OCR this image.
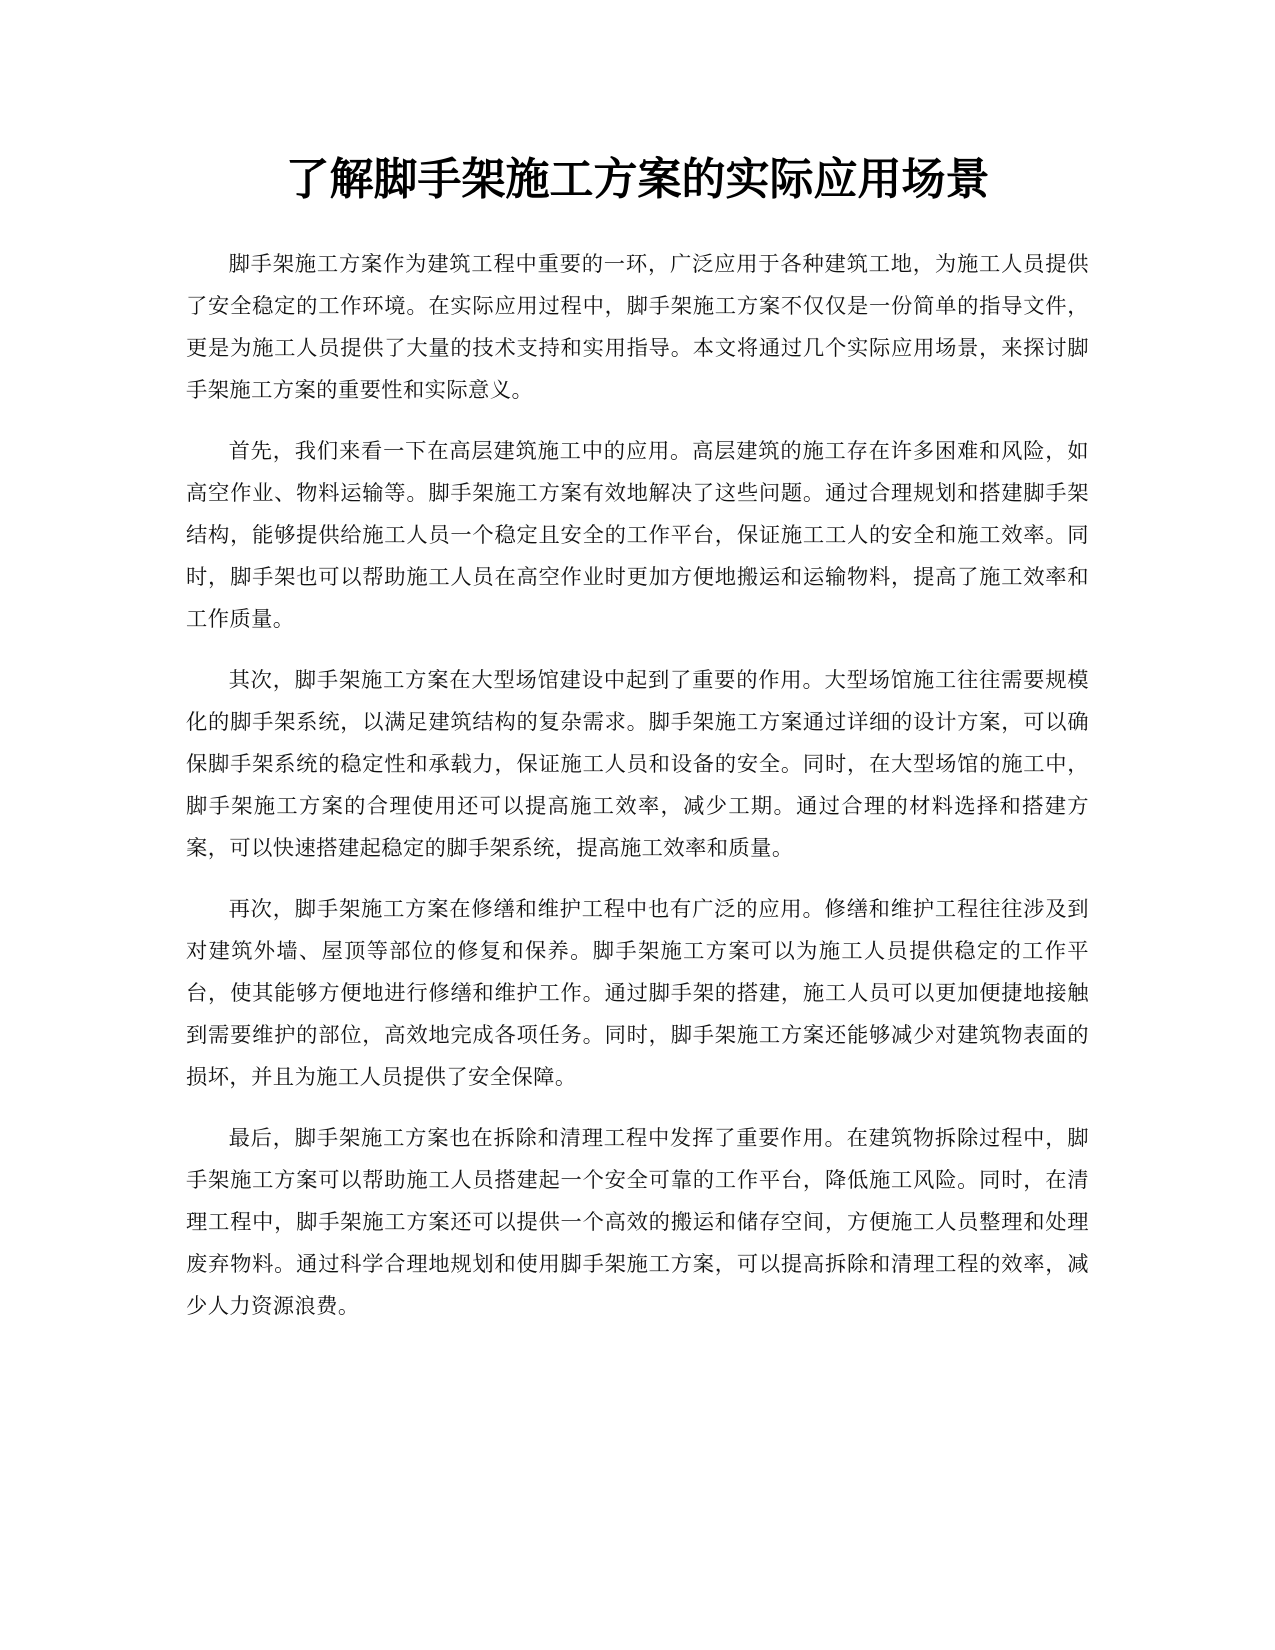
了解脚手架施工方案的实际应用场景

脚手架施工方案作为建筑工程中重要的一环，广泛应用于各种建筑工地，为施工人员提供了安全稳定的工作环境。在实际应用过程中，脚手架施工方案不仅仅是一份简单的指导文件，更是为施工人员提供了大量的技术支持和实用指导。本文将通过几个实际应用场景，来探讨脚手架施工方案的重要性和实际意义。

首先，我们来看一下在高层建筑施工中的应用。高层建筑的施工存在许多困难和风险，如高空作业、物料运输等。脚手架施工方案有效地解决了这些问题。通过合理规划和搭建脚手架结构，能够提供给施工人员一个稳定且安全的工作平台，保证施工工人的安全和施工效率。同时，脚手架也可以帮助施工人员在高空作业时更加方便地搬运和运输物料，提高了施工效率和工作质量。

其次，脚手架施工方案在大型场馆建设中起到了重要的作用。大型场馆施工往往需要规模化的脚手架系统，以满足建筑结构的复杂需求。脚手架施工方案通过详细的设计方案，可以确保脚手架系统的稳定性和承载力，保证施工人员和设备的安全。同时，在大型场馆的施工中，脚手架施工方案的合理使用还可以提高施工效率，减少工期。通过合理的材料选择和搭建方案，可以快速搭建起稳定的脚手架系统，提高施工效率和质量。

再次，脚手架施工方案在修缮和维护工程中也有广泛的应用。修缮和维护工程往往涉及到对建筑外墙、屋顶等部位的修复和保养。脚手架施工方案可以为施工人员提供稳定的工作平台，使其能够方便地进行修缮和维护工作。通过脚手架的搭建，施工人员可以更加便捷地接触到需要维护的部位，高效地完成各项任务。同时，脚手架施工方案还能够减少对建筑物表面的损坏，并且为施工人员提供了安全保障。

最后，脚手架施工方案也在拆除和清理工程中发挥了重要作用。在建筑物拆除过程中，脚手架施工方案可以帮助施工人员搭建起一个安全可靠的工作平台，降低施工风险。同时，在清理工程中，脚手架施工方案还可以提供一个高效的搬运和储存空间，方便施工人员整理和处理废弃物料。通过科学合理地规划和使用脚手架施工方案，可以提高拆除和清理工程的效率，减少人力资源浪费。
